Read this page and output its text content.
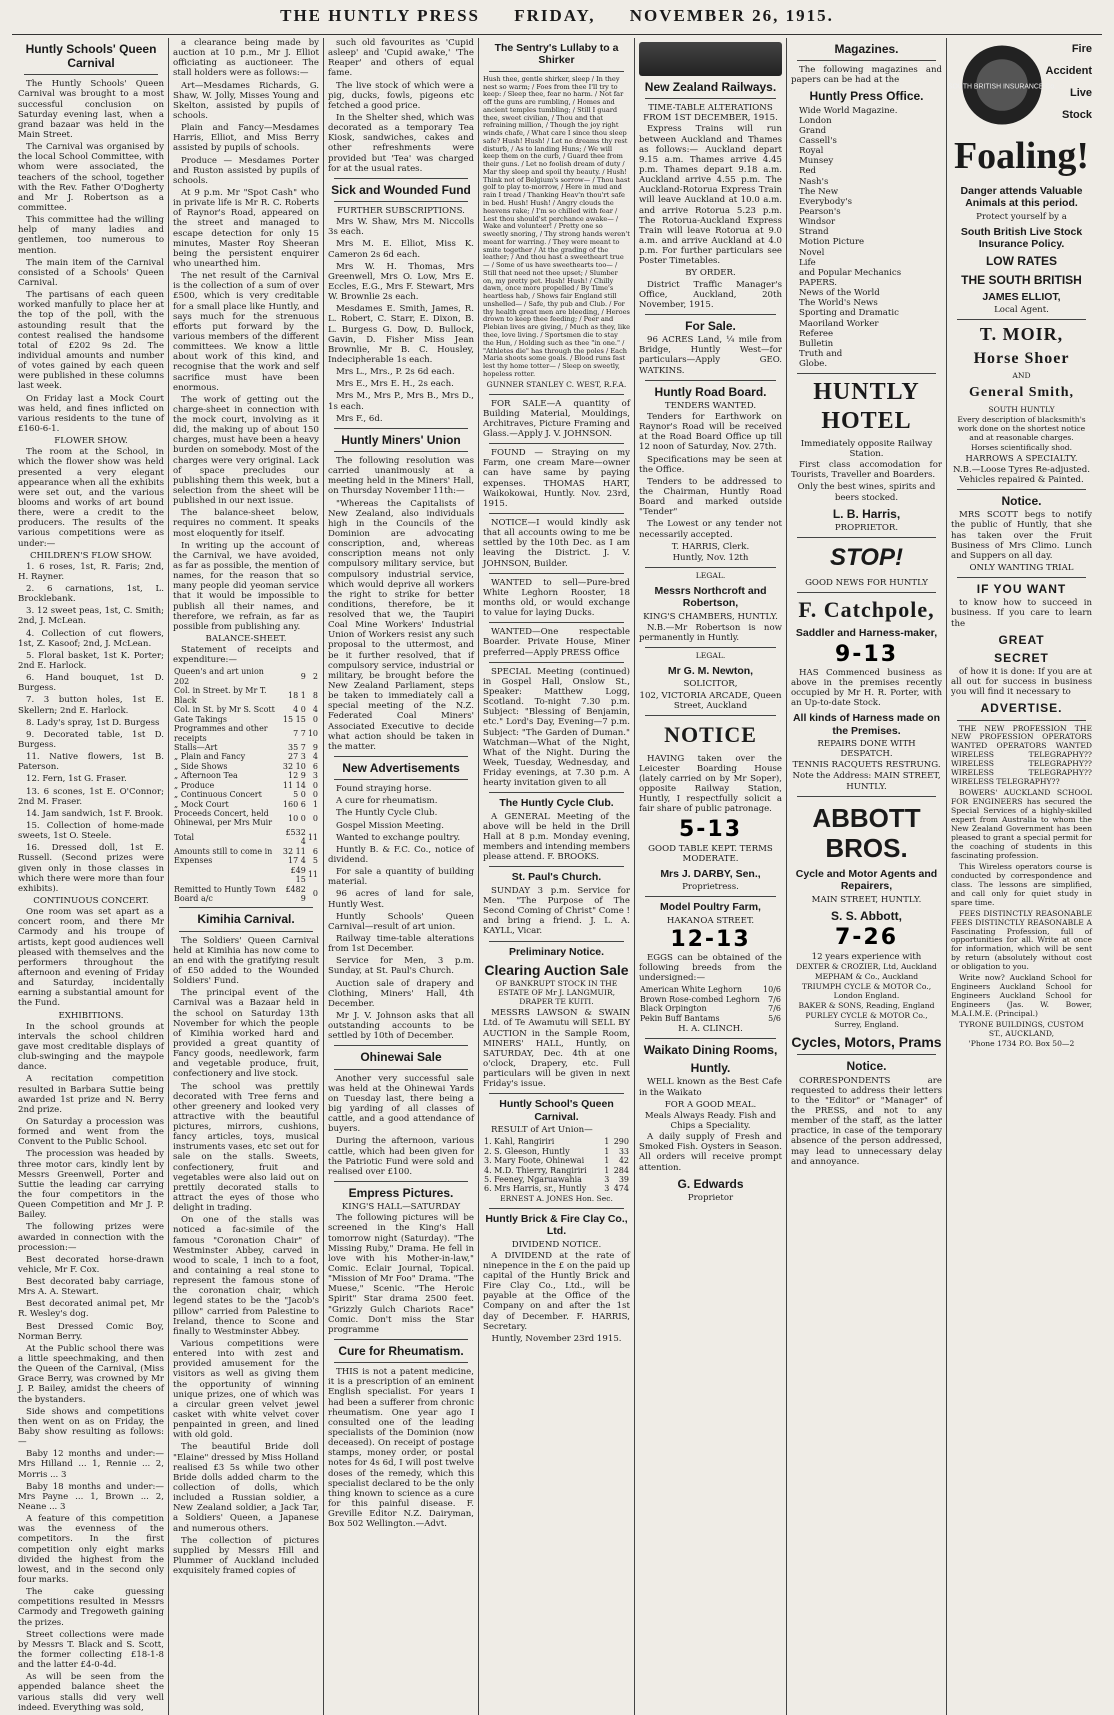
THE HUNTLY PRESS FRIDAY, NOVEMBER 26, 1915.
Huntly Schools' Queen Carnival
The Huntly Schools' Queen Carnival was brought to a most successful conclusion on Saturday evening last, when a grand bazaar was held in the Main Street.
The Carnival was organised by the local School Committee, with whom were associated, the teachers of the school, together with the Rev. Father O'Dogherty and Mr J. Robertson as a committee.
This committee had the willing help of many ladies and gentlemen, too numerous to mention.
The main item of the Carnival consisted of a Schools' Queen Carnival.
The partisans of each queen worked manfully to place her at the top of the poll, with the astounding result that the contest realised the handsome total of £202 9s 2d. The individual amounts and number of votes gained by each queen were published in these columns last week.
On Friday last a Mock Court was held, and fines inflicted on various residents to the tune of £160-6-1.
FLOWER SHOW.
The room at the School, in which the flower show was held presented a very elegant appearance when all the exhibits were set out, and the various blooms and works of art bound there, were a credit to the producers. The results of the various competitions were as under:—
CHILDREN'S FLOW SHOW.
1. 6 roses, 1st, R. Faris; 2nd, H. Rayner.
2. 6 carnations, 1st, L. Brocklebank.
3. 12 sweet peas, 1st, C. Smith; 2nd, J. McLean.
4. Collection of cut flowers, 1st, Z. Kasoof; 2nd, J. McLean.
5. Floral basket, 1st K. Porter; 2nd E. Harlock.
6. Hand bouquet, 1st D. Burgess.
7. 3 button holes, 1st E. Skellern; 2nd E. Harlock.
8. Lady's spray, 1st D. Burgess
9. Decorated table, 1st D. Burgess.
11. Native flowers, 1st B. Paterson.
12. Fern, 1st G. Fraser.
13. 6 scones, 1st E. O'Connor; 2nd M. Fraser.
14. Jam sandwich, 1st F. Brook.
15. Collection of home-made sweets, 1st O. Steele.
16. Dressed doll, 1st E. Russell. (Second prizes were given only in those classes in which there were more than four exhibits).
CONTINUOUS CONCERT.
One room was set apart as a concert room, and there Mr Carmody and his troupe of artists, kept good audiences well pleased with themselves and the performers throughout the afternoon and evening of Friday and Saturday, incidentally earning a substantial amount for the Fund.
EXHIBITIONS.
In the school grounds at intervals the school children gave most creditable displays of club-swinging and the maypole dance.
A recitation competition resulted in Barbara Suttie being awarded 1st prize and N. Berry 2nd prize.
On Saturday a procession was formed and went from the Convent to the Public School.
The procession was headed by three motor cars, kindly lent by Messrs Greenwell, Porter and Suttie the leading car carrying the four competitors in the Queen Competition and Mr J. P. Bailey.
The following prizes were awarded in connection with the procession:—
Best decorated horse-drawn vehicle, Mr F. Cox.
Best decorated baby carriage, Mrs A. A. Stewart.
Best decorated animal pet, Mr R. Wesley's dog.
Best Dressed Comic Boy, Norman Berry.
At the Public school there was a little speechmaking, and then the Queen of the Carnival, (Miss Grace Berry, was crowned by Mr J. P. Bailey, amidst the cheers of the bystanders.
Side shows and competitions then went on as on Friday, the Baby show resulting as follows:—
Baby 12 months and under:— Mrs Hilland ... 1, Rennie ... 2, Morris ... 3
Baby 18 months and under:— Mrs Payne ... 1, Brown ... 2, Neane ... 3
A feature of this competition was the evenness of the competitors. In the first competition only eight marks divided the highest from the lowest, and in the second only four marks.
The cake guessing competitions resulted in Messrs Carmody and Tregoweth gaining the prizes.
Street collections were made by Messrs T. Black and S. Scott, the former collecting £18-1-8 and the latter £4-0-4d.
As will be seen from the appended balance sheet the various stalls did very well indeed. Everything was sold,
a clearance being made by auction at 10 p.m., Mr J. Elliot officiating as auctioneer. The stall holders were as follows:—
Art—Mesdames Richards, G. Shaw, W. Jolly, Misses Young and Skelton, assisted by pupils of schools.
Plain and Fancy—Mesdames Harris, Elliot, and Miss Berry assisted by pupils of schools.
Produce — Mesdames Porter and Ruston assisted by pupils of schools.
At 9 p.m. Mr "Spot Cash" who in private life is Mr R. C. Roberts of Raynor's Road, appeared on the street and managed to escape detection for only 15 minutes, Master Roy Sheeran being the persistent enquirer who unearthed him.
The net result of the Carnival is the collection of a sum of over £500, which is very creditable for a small place like Huntly, and says much for the strenuous efforts put forward by the various members of the different committees. We know a little about work of this kind, and recognise that the work and self sacrifice must have been enormous.
The work of getting out the charge-sheet in connection with the mock court, involving as it did, the making up of about 150 charges, must have been a heavy burden on somebody. Most of the charges were very original. Lack of space precludes our publishing them this week, but a selection from the sheet will be published in our next issue.
The balance-sheet below, requires no comment. It speaks most eloquently for itself.
In writing up the account of the Carnival, we have avoided, as far as possible, the mention of names, for the reason that so many people did yeoman service that it would be impossible to publish all their names, and therefore, we refrain, as far as possible from publishing any.
BALANCE-SHEET.
Statement of receipts and expenditure:—
Queen's and art union 202	9	2
Col. in Street. by Mr T. Black	18 1	8
Col. in St. by Mr S. Scott	4 0	4
Gate Takings	15 15	0
Programmes and other receipts	7 7	10
Stalls—Art	35 7	9
„ Plain and Fancy	27 3	4
„ Side Shows	32 10	6
„ Afternoon Tea	12 9	3
„ Produce	11 14	0
„ Continuous Concert	5 0	0
„ Mock Court	160 6	1
Proceeds Concert, held Ohinewai, per Mrs Muir	10 0	0
Total	£532 4	11
Amounts still to come in	32 11	6
Expenses	17 4	5
	£49 15	11
Remitted to Huntly Town Board a/c	£482 9	0
Kimihia Carnival.
The Soldiers' Queen Carnival held at Kimihia has now come to an end with the gratifying result of £50 added to the Wounded Soldiers' Fund.
The principal event of the Carnival was a Bazaar held in the school on Saturday 13th November for which the people of Kimihia worked hard and provided a great quantity of Fancy goods, needlework, farm and vegetable produce, fruit, confectionery and live stock.
The school was prettily decorated with Tree ferns and other greenery and looked very attractive with the beautiful pictures, mirrors, cushions, fancy articles, toys, musical instruments vases, etc set out for sale on the stalls. Sweets, confectionery, fruit and vegetables were also laid out on prettily decorated stalls to attract the eyes of those who delight in trading.
On one of the stalls was noticed a fac-simile of the famous "Coronation Chair" of Westminster Abbey, carved in wood to scale, 1 inch to a foot, and containing a real stone to represent the famous stone of the coronation chair, which legend states to be the "Jacob's pillow" carried from Palestine to Ireland, thence to Scone and finally to Westminster Abbey.
Various competitions were entered into with zest and provided amusement for the visitors as well as giving them the opportunity of winning unique prizes, one of which was a circular green velvet jewel casket with white velvet cover penpainted in green, and lined with old gold.
The beautiful Bride doll "Elaine" dressed by Miss Holland realised £3 5s while two other Bride dolls added charm to the collection of dolls, which included a Russian soldier, a New Zealand soldier, a Jack Tar, a Soldiers' Queen, a Japanese and numerous others.
The collection of pictures supplied by Messrs Hill and Plummer of Auckland included exquisitely framed copies of
such old favourites as 'Cupid asleep' and 'Cupid awake,' 'The Reaper' and others of equal fame.
The live stock of which were a pig, ducks, fowls, pigeons etc fetched a good price.
In the Shelter shed, which was decorated as a temporary Tea Kiosk, sandwiches, cakes and other refreshments were provided but 'Tea' was charged for at the usual rates.
Sick and Wounded Fund
FURTHER SUBSCRIPTIONS.
Mrs W. Shaw, Mrs M. Niccolls 3s each.
Mrs M. E. Elliot, Miss K. Cameron 2s 6d each.
Mrs W. H. Thomas, Mrs Greenwell, Mrs O. Low, Mrs E. Eccles, E.G., Mrs F. Stewart, Mrs W. Brownlie 2s each.
Mesdames E. Smith, James, R. L. Robert, C. Starr, E. Dixon, B. L. Burgess G. Dow, D. Bullock, Gavin, D. Fisher Miss Jean Brownlie, Mr B. C. Housley, Indecipherable 1s each.
Mrs L., Mrs., P. 2s 6d each.
Mrs E., Mrs E. H., 2s each.
Mrs M., Mrs P., Mrs B., Mrs D., 1s each.
Mrs F., 6d.
Huntly Miners' Union
The following resolution was carried unanimously at a meeting held in the Miners' Hall, on Thursday November 11th:—
"Whereas the Capitalists of New Zealand, also individuals high in the Councils of the Dominion are advocating conscription, and, whereas conscription means not only compulsory military service, but compulsory industrial service, which would deprive all workers the right to strike for better conditions, therefore, be it resolved that we, the Taupiri Coal Mine Workers' Industrial Union of Workers resist any such proposal to the uttermost, and be it further resolved, that if compulsory service, industrial or military, be brought before the New Zealand Parliament, steps be taken to immediately call a special meeting of the N.Z. Federated Coal Miners' Associated Executive to decide what action should be taken in the matter.
New Advertisements
Found straying horse.
A cure for rheumatism.
The Huntly Cycle Club.
Gospel Mission Meeting.
Wanted to exchange poultry.
Huntly B. & F.C. Co., notice of dividend.
For sale a quantity of building material.
96 acres of land for sale, Huntly West.
Huntly Schools' Queen Carnival—result of art union.
Railway time-table alterations from 1st December.
Service for Men, 3 p.m. Sunday, at St. Paul's Church.
Auction sale of drapery and Clothing, Miners' Hall, 4th December.
Mr J. V. Johnson asks that all outstanding accounts to be settled by 10th of December.
Ohinewai Sale
Another very successful sale was held at the Ohinewai Yards on Tuesday last, there being a big yarding of all classes of cattle, and a good attendance of buyers.
During the afternoon, various cattle, which had been given for the Patriotic Fund were sold and realised over £100.
Empress Pictures.
KING'S HALL—SATURDAY
The following pictures will be screened in the King's Hall tomorrow night (Saturday). "The Missing Ruby," Drama. He fell in love with his Mother-in-law," Comic. Eclair Journal, Topical. "Mission of Mr Foo" Drama. "The Muese," Scenic. "The Heroic Spirit" Star drama 2500 feet. "Grizzly Gulch Chariots Race" Comic. Don't miss the Star programme
Cure for Rheumatism.
THIS is not a patent medicine, it is a prescription of an eminent English specialist. For years I had been a sufferer from chronic rheumatism. One year ago I consulted one of the leading specialists of the Dominion (now deceased). On receipt of postage stamps, money order, or postal notes for 4s 6d, I will post twelve doses of the remedy, which this specialist declared to be the only thing known to science as a cure for this painful disease. F. Greville Editor N.Z. Dairyman, Box 502 Wellington.—Advt.
The Sentry's Lullaby to a Shirker
Hush thee, gentle shirker, sleep / In they nest so warm; / Foes from thee I'll try to keep: / Sleep thee, fear no harm. / Not far off the guns are rumbling, / Homes and ancient temples tumbling; / Still I guard thee, sweet civilian, / Thou and that refraining million, / Though the joy right winds chafe, / What care I since thou sleep safe? Hush! Hush! / Let no dreams thy rest disturb, / As to landing Huns; / We will keep them on the curb, / Guard thee from their guns. / Let no foolish dream of duty / Mar thy sleep and spoil thy beauty. / Hush! Think not of Belgium's sorrow— / Thou hast golf to play to-morrow, / Here in mud and rain I tread / Thanking Heav'n thou'rt safe in bed. Hush! Hush! / Angry clouds the heavens rake; / I'm so chilled with fear / Lest thou should'st perchance awake— / Wake and volunteer! / Pretty one so sweetly snoring, / Thy strong hands weren't meant for warring. / They were meant to smite together / At the grading of the leather; / And thou hast a sweetheart true— / Some of us have sweethearts too— / Still that need not thee upset; / Slumber on, my pretty pet. Hush! Hush! / Chilly dawn, once more propelled / By Time's heartless hab, / Shows fair England still unshelled— / Safe, thy pub and Club. / For thy health great men are bleeding, / Heroes drown to keep thee feeding; / Peer and Plebian lives are giving, / Much as they, like thee, love living. / Sportsmen die to stay the Hun, / Holding such as thee "in one." / "Athletes die" has through the poles / Each Maria shoots some goals. / Blood runs fast lest thy home totter— / Sleep on sweetly, hopeless rotter.
GUNNER STANLEY C. WEST, R.F.A.
FOR SALE—A quantity of Building Material, Mouldings, Architraves, Picture Framing and Glass.—Apply J. V. JOHNSON.
FOUND — Straying on my Farm, one cream Mare—owner can have same by paying expenses. THOMAS HART, Waikokowai, Huntly. Nov. 23rd, 1915.
NOTICE—I would kindly ask that all accounts owing to me be settled by the 10th Dec. as I am leaving the District. J. V. JOHNSON, Builder.
WANTED to sell—Pure-bred White Leghorn Rooster, 18 months old, or would exchange to value for laying Ducks.
WANTED—One respectable Boarder. Private House, Miner preferred—Apply PRESS Office
SPECIAL Meeting (continued) in Gospel Hall, Onslow St., Speaker: Matthew Logg, Scotland. To-night 7.30 p.m. Subject: "Blessing of Benjamin, etc." Lord's Day, Evening—7 p.m. Subject: "The Garden of Duman." Watchman—What of the Night, What of the Night. During the Week, Tuesday, Wednesday, and Friday evenings, at 7.30 p.m. A hearty invitation given to all
The Huntly Cycle Club.
A GENERAL Meeting of the above will be held in the Drill Hall at 8 p.m. Monday evening, members and intending members please attend. F. BROOKS.
St. Paul's Church.
SUNDAY 3 p.m. Service for Men. "The Purpose of The Second Coming of Christ" Come ! and bring a friend. J. L. A. KAYLL, Vicar.
Preliminary Notice.
Clearing Auction Sale
OF BANKRUPT STOCK IN THE ESTATE OF Mr J. LANGMUIR, DRAPER TE KUITI.
MESSRS LAWSON & SWAIN Ltd. of Te Awamutu will SELL BY AUCTION in the Sample Room, MINERS' HALL, Huntly, on SATURDAY, Dec. 4th at one o'clock, Drapery, etc. Full particulars will be given in next Friday's issue.
Huntly School's Queen Carnival.
RESULT of Art Union—
1. Kahl, Rangiriri	1	290
2. S. Gleeson, Huntly	1	33
3. Mary Foote, Ohinewai	1	42
4. M.D. Thierry, Rangiriri	1	284
5. Feeney, Ngaruawahia	3	39
6. Mrs Harris, sr., Huntly	3	474
ERNEST A. JONES Hon. Sec.
Huntly Brick & Fire Clay Co., Ltd.
DIVIDEND NOTICE.
A DIVIDEND at the rate of ninepence in the £ on the paid up capital of the Huntly Brick and Fire Clay Co., Ltd., will be payable at the Office of the Company on and after the 1st day of December. F. HARRIS, Secretary.
Huntly, November 23rd 1915.
New Zealand Railways.
TIME-TABLE ALTERATIONS FROM 1ST DECEMBER, 1915.
Express Trains will run between Auckland and Thames as follows:— Auckland depart 9.15 a.m. Thames arrive 4.45 p.m. Thames depart 9.18 a.m. Auckland arrive 4.55 p.m. The Auckland-Rotorua Express Train will leave Auckland at 10.0 a.m. and arrive Rotorua 5.23 p.m. The Rotorua-Auckland Express Train will leave Rotorua at 9.0 a.m. and arrive Auckland at 4.0 p.m. For further particulars see Poster Timetables.
BY ORDER.
District Traffic Manager's Office, Auckland, 20th November, 1915.
For Sale.
96 ACRES Land, ¼ mile from Bridge, Huntly West—for particulars—Apply GEO. WATKINS.
Huntly Road Board.
TENDERS WANTED.
Tenders for Earthwork on Raynor's Road will be received at the Road Board Office up till 12 noon of Saturday, Nov. 27th.
Specifications may be seen at the Office.
Tenders to be addressed to the Chairman, Huntly Road Board and marked outside "Tender"
The Lowest or any tender not necessarily accepted.
T. HARRIS, Clerk.
Huntly, Nov. 12th
LEGAL.
Messrs Northcroft and Robertson,
KING'S CHAMBERS, HUNTLY.
N.B.—Mr Robertson is now permanently in Huntly.
LEGAL.
Mr G. M. Newton,
SOLICITOR,
102, VICTORIA ARCADE, Queen Street, Auckland
NOTICE
HAVING taken over the Leicester Boarding House (lately carried on by Mr Soper), opposite Railway Station, Huntly, I respectfully solicit a fair share of public patronage.
5-13
GOOD TABLE KEPT. TERMS MODERATE.
Mrs J. DARBY, Sen.,
Proprietress.
Model Poultry Farm,
HAKANOA STREET.
12-13
EGGS can be obtained of the following breeds from the undersigned:—
American White Leghorn	10/6
Brown Rose-combed Leghorn	7/6
Black Orpington	7/6
Pekin Buff Bantams	5/6
H. A. CLINCH.
Waikato Dining Rooms,
Huntly.
WELL known as the Best Cafe in the Waikato
FOR A GOOD MEAL.
Meals Always Ready. Fish and Chips a Speciality.
A daily supply of Fresh and Smoked Fish. Oysters in Season. All orders will receive prompt attention.
G. Edwards
Proprietor
Magazines.
The following magazines and papers can be had at the
Huntly Press Office.
Wide World Magazine.
London
Grand
Cassell's
Royal
Munsey
Red
Nash's
The New
Everybody's
Pearson's
Windsor
Strand
Motion Picture
Novel
Life
and Popular Mechanics
PAPERS.
News of the World
The World's News
Sporting and Dramatic
Maoriland Worker
Referee
Bulletin
Truth and
Globe.
HUNTLY HOTEL
Immediately opposite Railway Station.
First class accomodation for Tourists, Traveller and Boarders.
Only the best wines, spirits and beers stocked.
L. B. Harris,
PROPRIETOR.
STOP!
GOOD NEWS FOR HUNTLY
F. Catchpole,
Saddler and Harness-maker,
9-13
HAS Commenced business as above in the premises recently occupied by Mr H. R. Porter, with an Up-to-date Stock.
All kinds of Harness made on the Premises.
REPAIRS DONE WITH DESPATCH.
TENNIS RACQUETS RESTRUNG.
Note the Address: MAIN STREET, HUNTLY.
ABBOTT BROS.
Cycle and Motor Agents and Repairers,
MAIN STREET, HUNTLY.
S. S. Abbott,
7-26
12 years experience with
DEXTER & CROZIER, Ltd, Auckland
MEPHAM & Co., Auckland
TRIUMPH CYCLE & MOTOR Co., London England.
BAKER & SONS, Reading, England
PURLEY CYCLE & MOTOR Co., Surrey, England.
Cycles, Motors, Prams
Notice.
CORRESPONDENTS are requested to address their letters to the "Editor" or "Manager" of the PRESS, and not to any member of the staff, as the latter practice, in case of the temporary absence of the person addressed, may lead to unnecessary delay and annoyance.
SOUTH BRITISH INSURANCE Co.
Fire
Accident
Live
Stock
Foaling!
Danger attends Valuable Animals at this period.
Protect yourself by a
South British Live Stock Insurance Policy.
LOW RATES
THE SOUTH BRITISH
JAMES ELLIOT,
Local Agent.
T. MOIR,
Horse Shoer
AND
General Smith,
SOUTH HUNTLY
Every description of blacksmith's work done on the shortest notice and at reasonable charges.
Horses scientifically shod.
HARROWS A SPECIALTY.
N.B.—Loose Tyres Re-adjusted. Vehicles repaired & Painted.
Notice.
MRS SCOTT begs to notify the public of Huntly, that she has taken over the Fruit Business of Mrs Climo. Lunch and Suppers on all day.
ONLY WANTING TRIAL
IF YOU WANT
to know how to succeed in business. If you care to learn the
GREAT
SECRET
of how it is done: If you are at all out for success in business you will find it necessary to
ADVERTISE.
THE NEW PROFESSION THE NEW PROFESSION OPERATORS WANTED OPERATORS WANTED WIRELESS TELEGRAPHY?? WIRELESS TELEGRAPHY?? WIRELESS TELEGRAPHY?? WIRELESS TELEGRAPHY??
BOWERS' AUCKLAND SCHOOL FOR ENGINEERS has secured the Special Services of a highly-skilled expert from Australia to whom the New Zealand Government has been pleased to grant a special permit for the coaching of students in this fascinating profession.
This Wireless operators course is conducted by correspondence and class. The lessons are simplified, and call only for quiet study in spare time.
FEES DISTINCTLY REASONABLE FEES DISTINCTLY REASONABLE A Fascinating Profession, full of opportunities for all. Write at once for information, which will be sent by return (absolutely without cost or obligation to you.
Write now? Auckland School for Engineers Auckland School for Engineers Auckland School for Engineers (Jas. W. Bower, M.A.I.M.E. (Principal.)
TYRONE BUILDINGS, CUSTOM ST., AUCKLAND,
'Phone 1734 P.O. Box 50—2
